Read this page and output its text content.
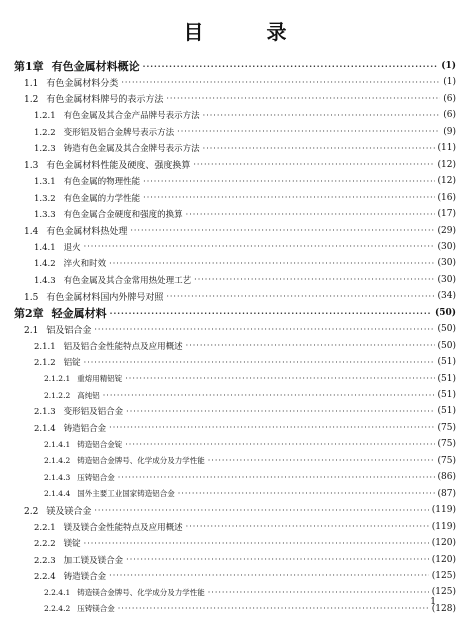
目 录
第1章 有色金属材料概论 ·····	(1)
1.1 有色金属材料分类 ·····	(1)
1.2 有色金属材料牌号的表示方法 ·····	(6)
1.2.1 有色金属及其合金产品牌号表示方法 ·····	(6)
1.2.2 变形铝及铝合金牌号表示方法 ·····	(9)
1.2.3 铸造有色金属及其合金牌号表示方法 ·····	(11)
1.3 有色金属材料性能及硬度、强度换算 ·····	(12)
1.3.1 有色金属的物理性能 ·····	(12)
1.3.2 有色金属的力学性能 ·····	(16)
1.3.3 有色金属合金硬度和强度的换算 ·····	(17)
1.4 有色金属材料热处理 ·····	(29)
1.4.1 退火 ·····	(30)
1.4.2 淬火和时效 ·····	(30)
1.4.3 有色金属及其合金常用热处理工艺 ·····	(30)
1.5 有色金属材料国内外牌号对照 ·····	(34)
第2章 轻金属材料 ·····	(50)
2.1 铝及铝合金 ·····	(50)
2.1.1 铝及铝合金性能特点及应用概述 ·····	(50)
2.1.2 铝锭 ·····	(51)
2.1.2.1 重熔用精铝锭 ·····	(51)
2.1.2.2 高纯铝 ·····	(51)
2.1.3 变形铝及铝合金 ·····	(51)
2.1.4 铸造铝合金 ·····	(75)
2.1.4.1 铸造铝合金锭 ·····	(75)
2.1.4.2 铸造铝合金牌号、化学成分及力学性能 ·····	(75)
2.1.4.3 压铸铝合金 ·····	(86)
2.1.4.4 国外主要工业国家铸造铝合金 ·····	(87)
2.2 镁及镁合金 ·····	(119)
2.2.1 镁及镁合金性能特点及应用概述 ·····	(119)
2.2.2 镁锭 ·····	(120)
2.2.3 加工镁及镁合金 ·····	(120)
2.2.4 铸造镁合金 ·····	(125)
2.2.4.1 铸造镁合金牌号、化学成分及力学性能 ·····	(125)
2.2.4.2 压铸镁合金 ·····	(128)
1
